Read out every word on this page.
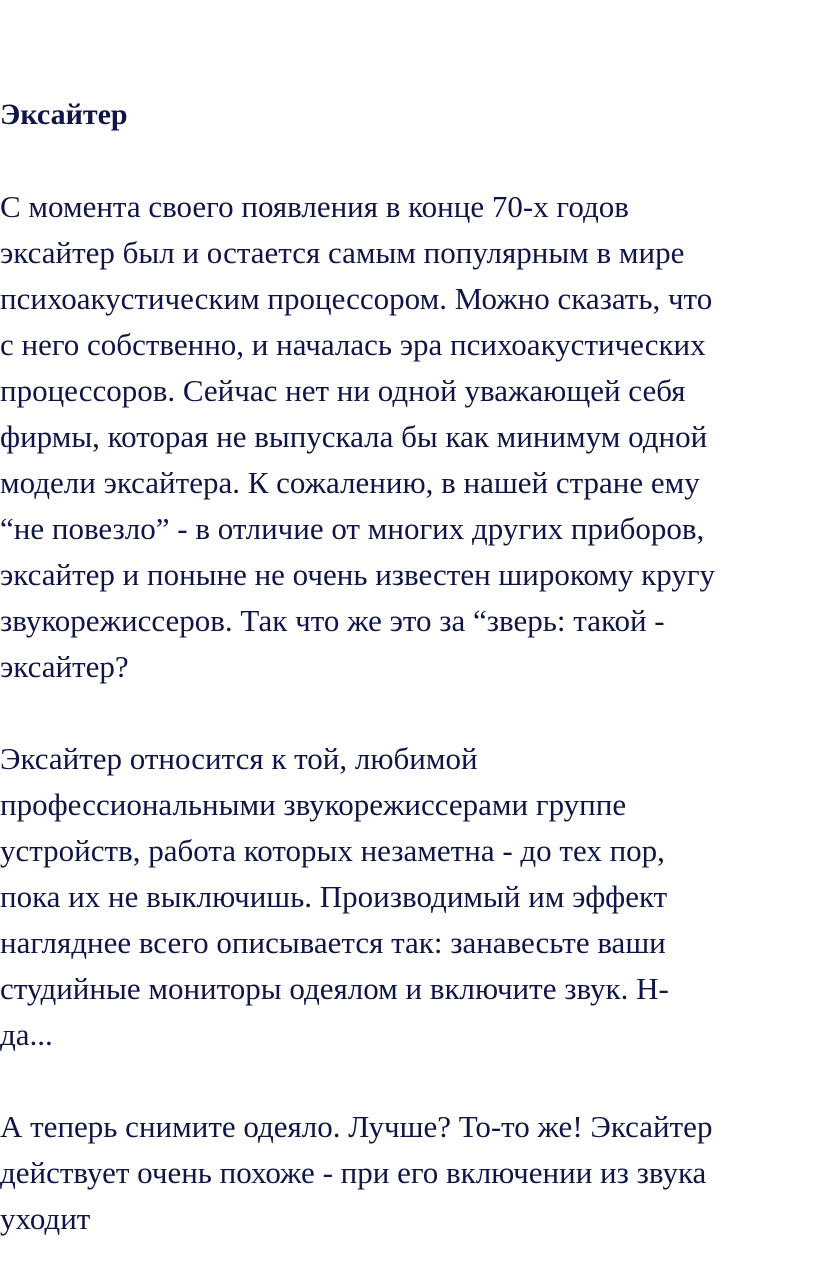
Эксайтер

С момента своего появления в конце 70-х годов
эксайтер был и остается самым популярным в мире
психоакустическим процессором. Можно сказать, что
с него собственно, и началась эра психоакустических
процессоров. Сейчас нет ни одной уважающей себя
фирмы, которая не выпускала бы как минимум одной
модели эксайтера. К сожалению, в нашей стране ему
“не повезло” - в отличие от многих других приборов,
эксайтер и поныне не очень известен широкому кругу
звукорежиссеров. Так что же это за “зверь: такой -
эксайтер?

Эксайтер относится к той, любимой
профессиональными звукорежиссерами группе
устройств, работа которых незаметна - до тех пор,
пока их не выключишь. Производимый им эффект
нагляднее всего описывается так: занавесьте ваши
студийные мониторы одеялом и включите звук. Н-
да...

А теперь снимите одеяло. Лучше? То-то же! Эксайтер
действует очень похоже - при его включении из звука
уходит
